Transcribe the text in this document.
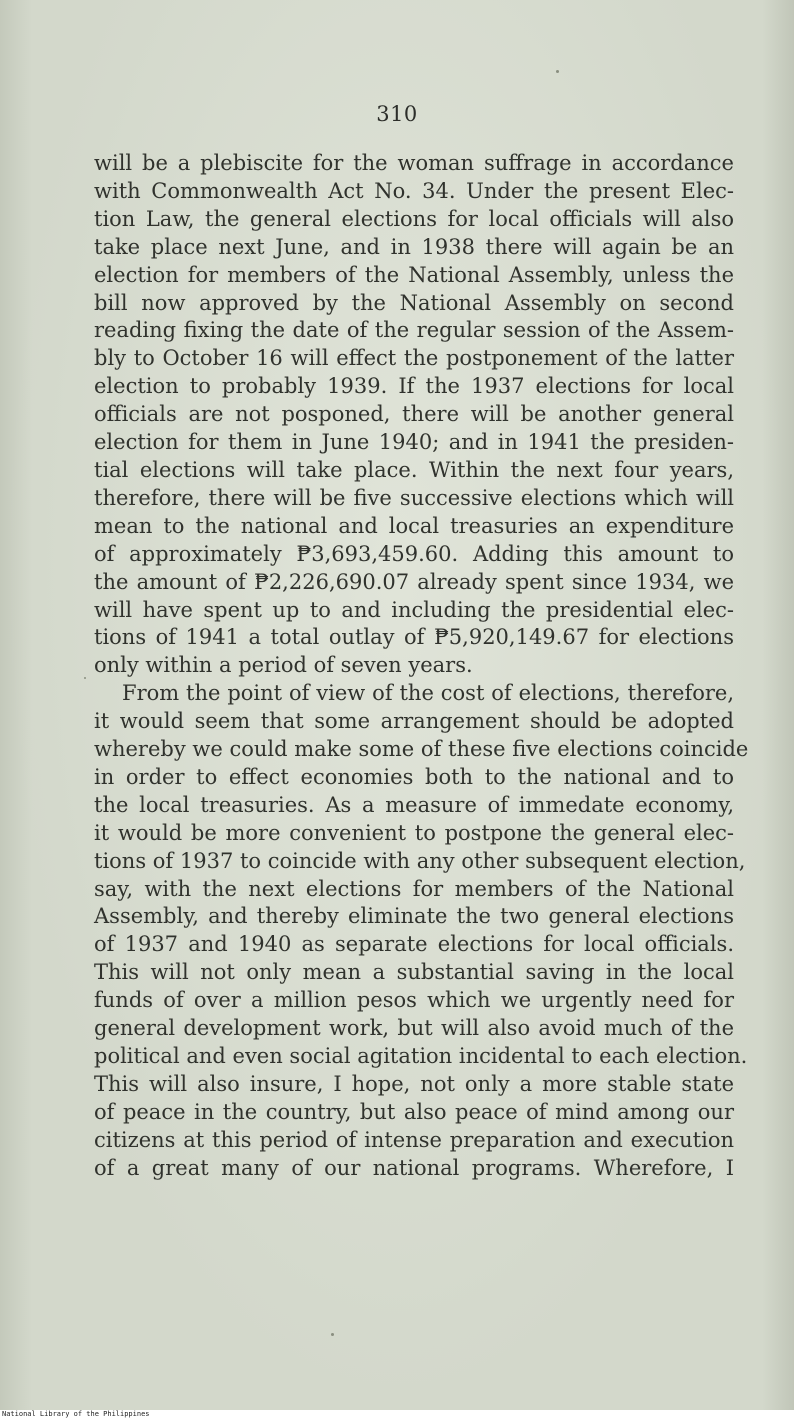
310
will be a plebiscite for the woman suffrage in accordance
with Commonwealth Act No. 34. Under the present Elec-
tion Law, the general elections for local officials will also
take place next June, and in 1938 there will again be an
election for members of the National Assembly, unless the
bill now approved by the National Assembly on second
reading fixing the date of the regular session of the Assem-
bly to October 16 will effect the postponement of the latter
election to probably 1939. If the 1937 elections for local
officials are not posponed, there will be another general
election for them in June 1940; and in 1941 the presiden-
tial elections will take place. Within the next four years,
therefore, there will be five successive elections which will
mean to the national and local treasuries an expenditure
of approximately ₱3,693,459.60. Adding this amount to
the amount of ₱2,226,690.07 already spent since 1934, we
will have spent up to and including the presidential elec-
tions of 1941 a total outlay of ₱5,920,149.67 for elections
only within a period of seven years.
From the point of view of the cost of elections, therefore,
it would seem that some arrangement should be adopted
whereby we could make some of these five elections coincide
in order to effect economies both to the national and to
the local treasuries. As a measure of immedate economy,
it would be more convenient to postpone the general elec-
tions of 1937 to coincide with any other subsequent election,
say, with the next elections for members of the National
Assembly, and thereby eliminate the two general elections
of 1937 and 1940 as separate elections for local officials.
This will not only mean a substantial saving in the local
funds of over a million pesos which we urgently need for
general development work, but will also avoid much of the
political and even social agitation incidental to each election.
This will also insure, I hope, not only a more stable state
of peace in the country, but also peace of mind among our
citizens at this period of intense preparation and execution
of a great many of our national programs. Wherefore, I
National Library of the Philippines
